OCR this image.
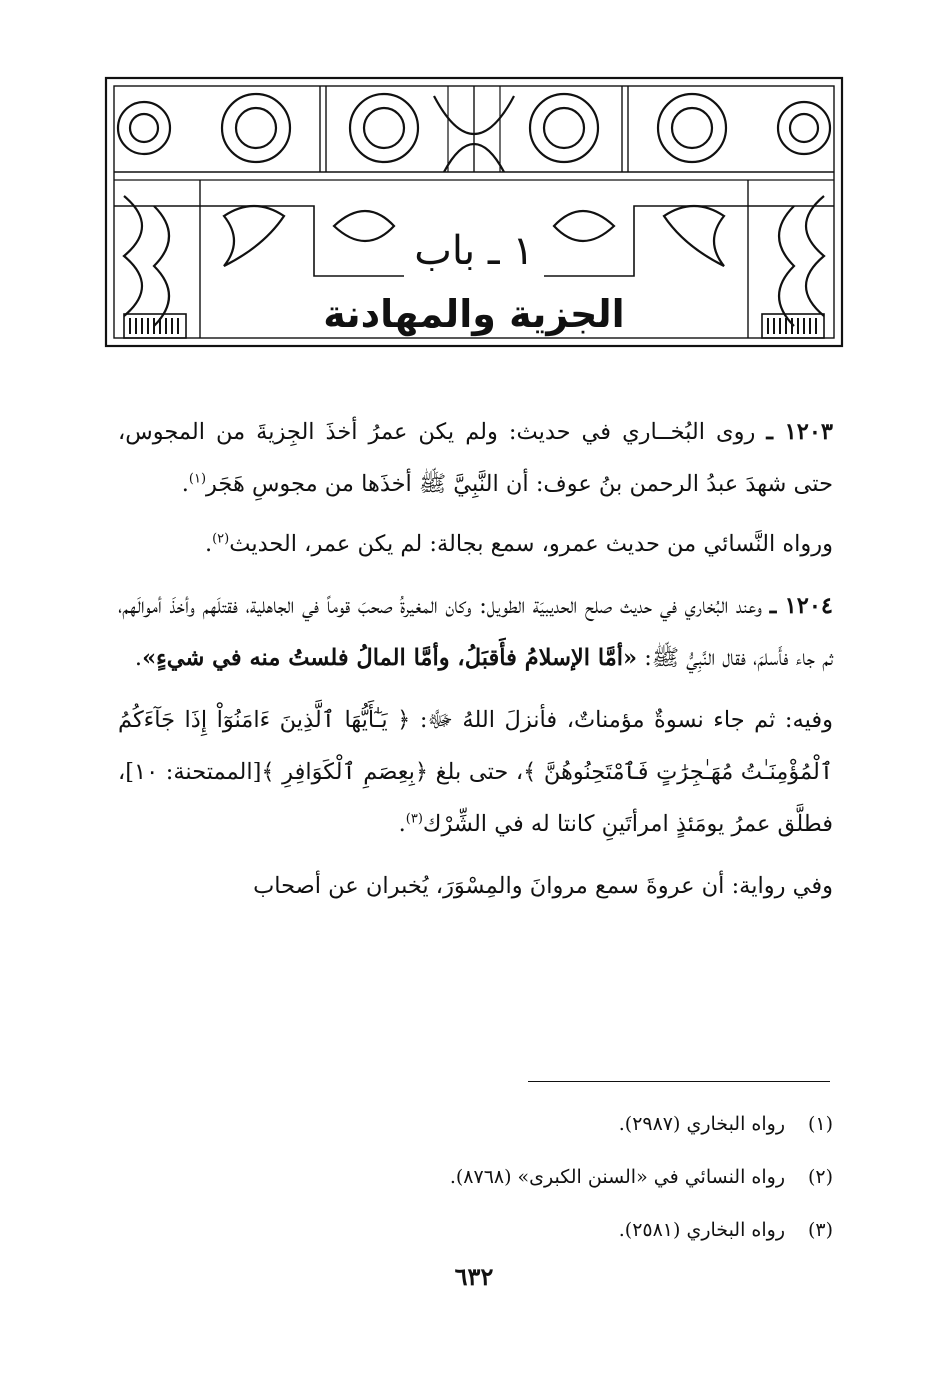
١ ـ باب
الجزية والمهادنة

١٢٠٣ ـ روى البُخــاري في حديث: ولم يكن عمرُ أخذَ الجِزيةَ من المجوس، حتى شهدَ عبدُ الرحمن بنُ عوف: أن النَّبِيَّ ﷺ أخذَها من مجوسِ هَجَر$^{(١)}$.

ورواه النَّسائي من حديث عمرو، سمع بجالة: لم يكن عمر، الحديث$^{(٢)}$.

١٢٠٤ ـ وعند البُخاري في حديث صلح الحديبيَة الطويل: وكان المغيرةُ صحبَ قوماً في الجاهلية، فقتلَهم وأخذَ أموالَهم، ثم جاء فأَسلمَ، فقال النَّبِيُّ ﷺ: «أمَّا الإسلامُ فأَقبَلُ، وأمَّا المالُ فلستُ منه في شيءٍ».

وفيه: ثم جاء نسوةٌ مؤمناتٌ، فأنزلَ اللهُ ﷻ: ﴿ يَـٰٓأَيُّهَا ٱلَّذِينَ ءَامَنُوٓاْ إِذَا جَآءَكُمُ ٱلْمُؤْمِنَـٰتُ مُهَـٰجِرَٰتٍ فَٱمْتَحِنُوهُنَّ ﴾، حتى بلغ ﴿بِعِصَمِ ٱلْكَوَافِرِ ﴾[الممتحنة: ١٠]، فطلَّق عمرُ يومَئذٍ امرأتَينِ كانتا له في الشِّرْك$^{(٣)}$.

وفي رواية: أن عروةَ سمع مروانَ والمِسْوَرَ، يُخبران عن أصحاب

(١)رواه البخاري (٢٩٨٧).
(٢)رواه النسائي في «السنن الكبرى» (٨٧٦٨).
(٣)رواه البخاري (٢٥٨١).
٦٣٢
